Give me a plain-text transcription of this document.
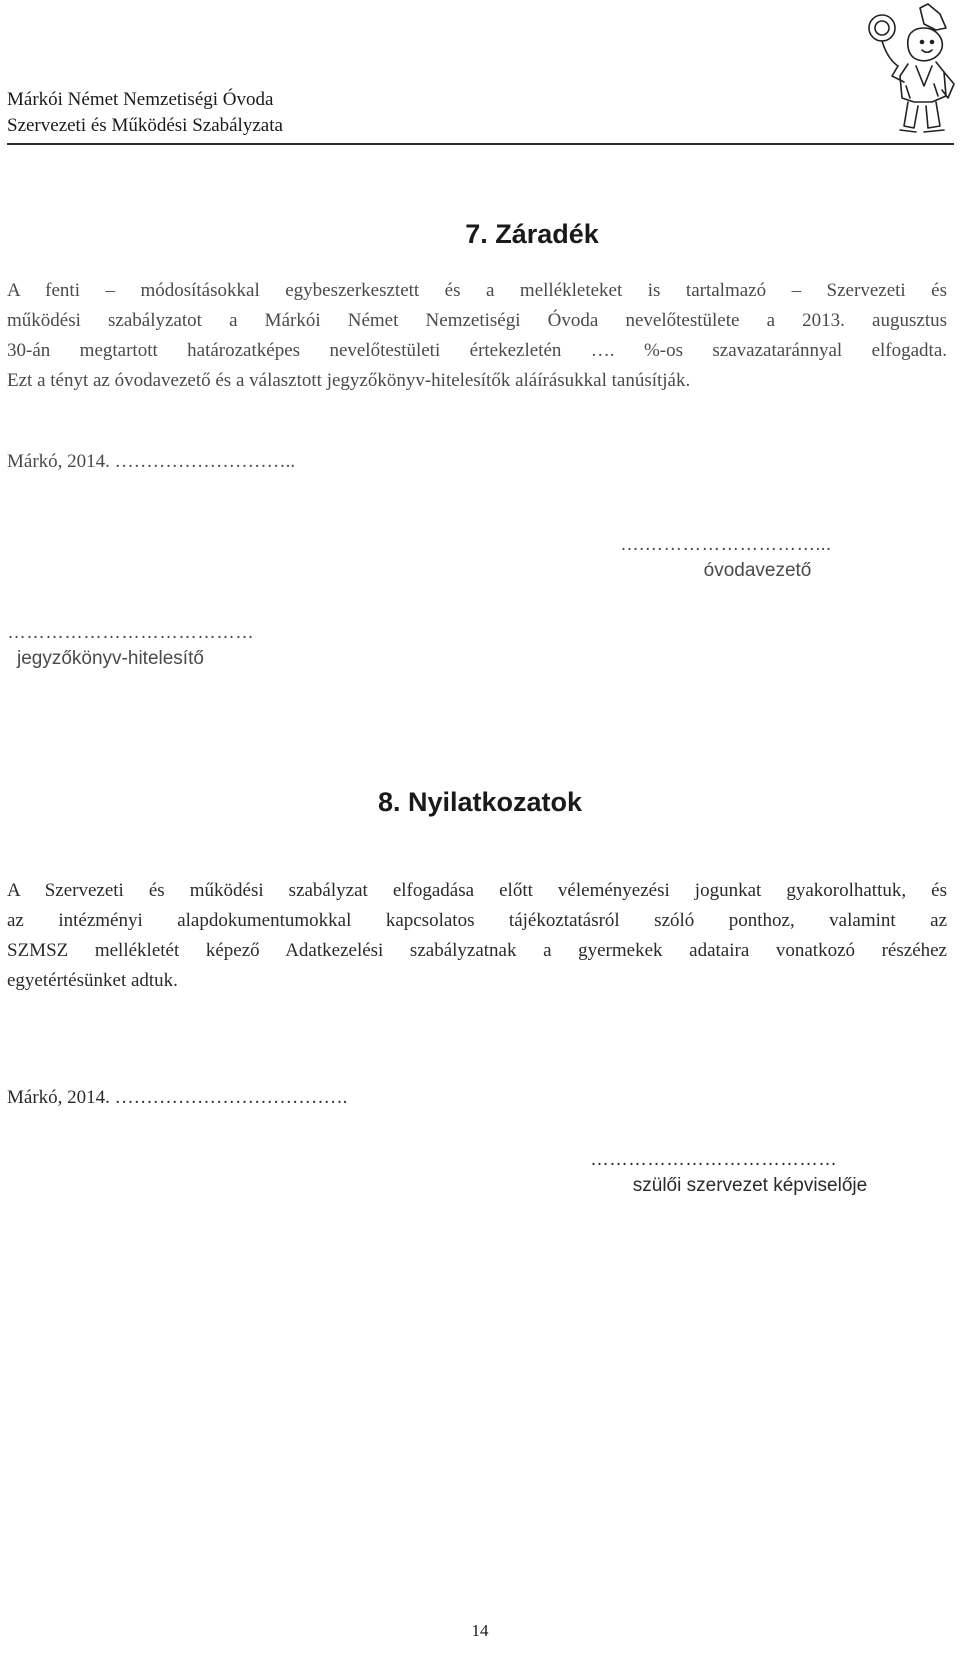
Márkói Német Nemzetiségi Óvoda
Szervezeti és Működési Szabályzata
7. Záradék
A fenti – módosításokkal egybeszerkesztett és a mellékleteket is tartalmazó – Szervezeti és
működési szabályzatot a Márkói Német Nemzetiségi Óvoda nevelőtestülete a 2013. augusztus
30-án megtartott határozatképes nevelőtestületi értekezletén …. %-os szavazataránnyal elfogadta.
Ezt a tényt az óvodavezető és a választott jegyzőkönyv-hitelesítők aláírásukkal tanúsítják.
Márkó, 2014. ………………………..
….………………………...
óvodavezető
…………………………………
jegyzőkönyv-hitelesítő
8. Nyilatkozatok
A Szervezeti és működési szabályzat elfogadása előtt véleményezési jogunkat gyakorolhattuk, és
az intézményi alapdokumentumokkal kapcsolatos tájékoztatásról szóló ponthoz, valamint az
SZMSZ mellékletét képező Adatkezelési szabályzatnak a gyermekek adataira vonatkozó részéhez
egyetértésünket adtuk.
Márkó, 2014. ……………………………….
…………………………………
szülői szervezet képviselője
14
